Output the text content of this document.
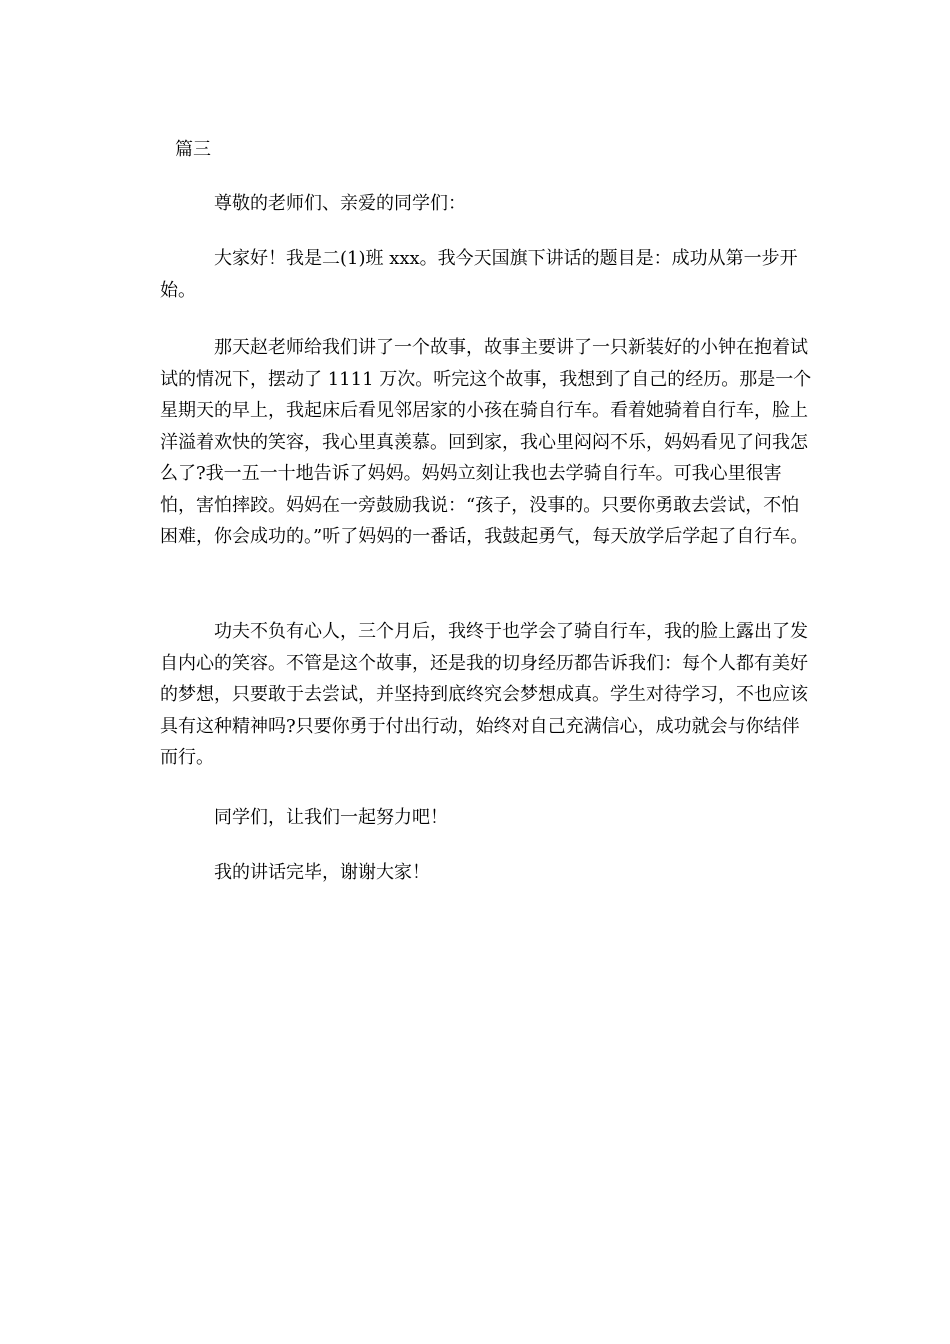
篇三

尊敬的老师们、亲爱的同学们：

大家好！我是二(1)班 xxx。我今天国旗下讲话的题目是：成功从第一步开始。

那天赵老师给我们讲了一个故事，故事主要讲了一只新装好的小钟在抱着试试的情况下，摆动了 1111 万次。听完这个故事，我想到了自己的经历。那是一个星期天的早上，我起床后看见邻居家的小孩在骑自行车。看着她骑着自行车，脸上洋溢着欢快的笑容，我心里真羡慕。回到家，我心里闷闷不乐，妈妈看见了问我怎么了?我一五一十地告诉了妈妈。妈妈立刻让我也去学骑自行车。可我心里很害怕，害怕摔跤。妈妈在一旁鼓励我说：“孩子，没事的。只要你勇敢去尝试，不怕困难，你会成功的。”听了妈妈的一番话，我鼓起勇气，每天放学后学起了自行车。

功夫不负有心人，三个月后，我终于也学会了骑自行车，我的脸上露出了发自内心的笑容。不管是这个故事，还是我的切身经历都告诉我们：每个人都有美好的梦想，只要敢于去尝试，并坚持到底终究会梦想成真。学生对待学习，不也应该具有这种精神吗?只要你勇于付出行动，始终对自己充满信心，成功就会与你结伴而行。

同学们，让我们一起努力吧！

我的讲话完毕，谢谢大家！
